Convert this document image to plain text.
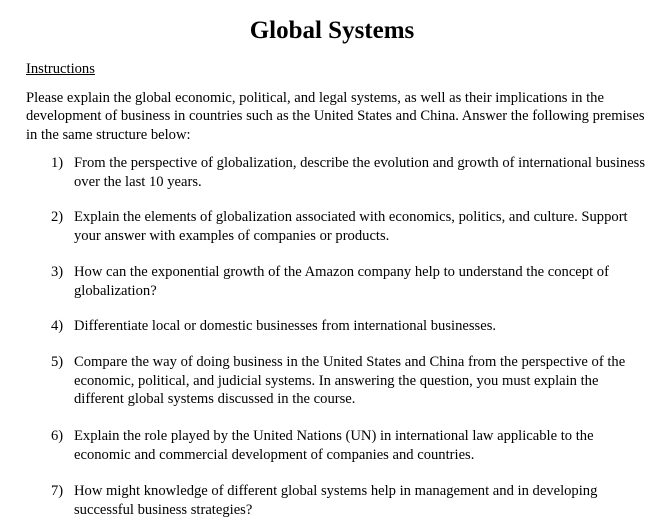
Global Systems
Instructions
Please explain the global economic, political, and legal systems, as well as their implications in the
development of business in countries such as the United States and China. Answer the following premises
in the same structure below:
1) From the perspective of globalization, describe the evolution and growth of international business
over the last 10 years.
2) Explain the elements of globalization associated with economics, politics, and culture. Support
your answer with examples of companies or products.
3) How can the exponential growth of the Amazon company help to understand the concept of
globalization?
4) Differentiate local or domestic businesses from international businesses.
5) Compare the way of doing business in the United States and China from the perspective of the
economic, political, and judicial systems. In answering the question, you must explain the
different global systems discussed in the course.
6) Explain the role played by the United Nations (UN) in international law applicable to the
economic and commercial development of companies and countries.
7) How might knowledge of different global systems help in management and in developing
successful business strategies?
